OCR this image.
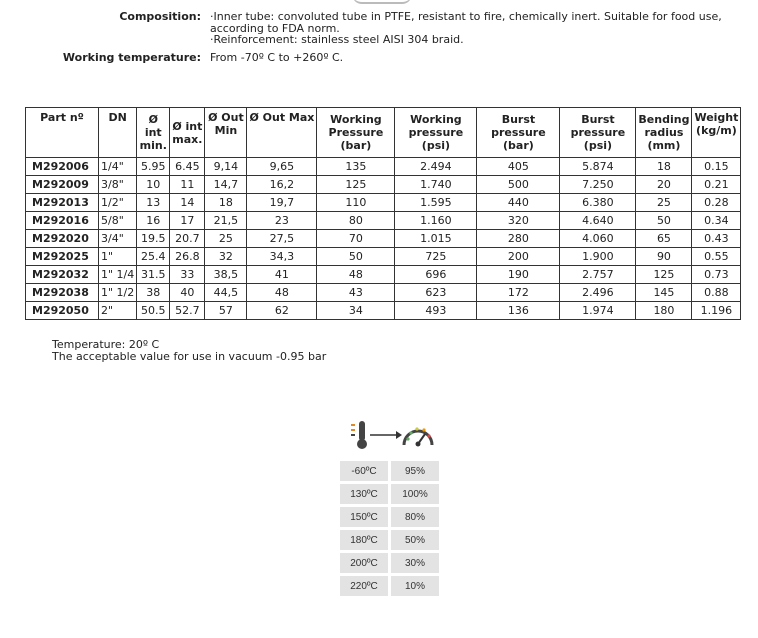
Composition: ·Inner tube: convoluted tube in PTFE, resistant to fire, chemically inert. Suitable for food use,
according to FDA norm.
·Reinforcement: stainless steel AISI 304 braid.
Working temperature: From -70º C to +260º C.
Part nº	DN	Ø int min.	Ø int max.	Ø Out Min	Ø Out Max	Working Pressure (bar)	Working pressure (psi)	Burst pressure (bar)	Burst pressure (psi)	Bending radius (mm)	Weight (kg/m)
M292006	1/4"	5.95	6.45	9,14	9,65	135	2.494	405	5.874	18	0.15
M292009	3/8"	10	11	14,7	16,2	125	1.740	500	7.250	20	0.21
M292013	1/2"	13	14	18	19,7	110	1.595	440	6.380	25	0.28
M292016	5/8"	16	17	21,5	23	80	1.160	320	4.640	50	0.34
M292020	3/4"	19.5	20.7	25	27,5	70	1.015	280	4.060	65	0.43
M292025	1"	25.4	26.8	32	34,3	50	725	200	1.900	90	0.55
M292032	1" 1/4	31.5	33	38,5	41	48	696	190	2.757	125	0.73
M292038	1" 1/2	38	40	44,5	48	43	623	172	2.496	145	0.88
M292050	2"	50.5	52.7	57	62	34	493	136	1.974	180	1.196
Temperature: 20º C
The acceptable value for use in vacuum -0.95 bar
-60ºC	95%
130ºC	100%
150ºC	80%
180ºC	50%
200ºC	30%
220ºC	10%
